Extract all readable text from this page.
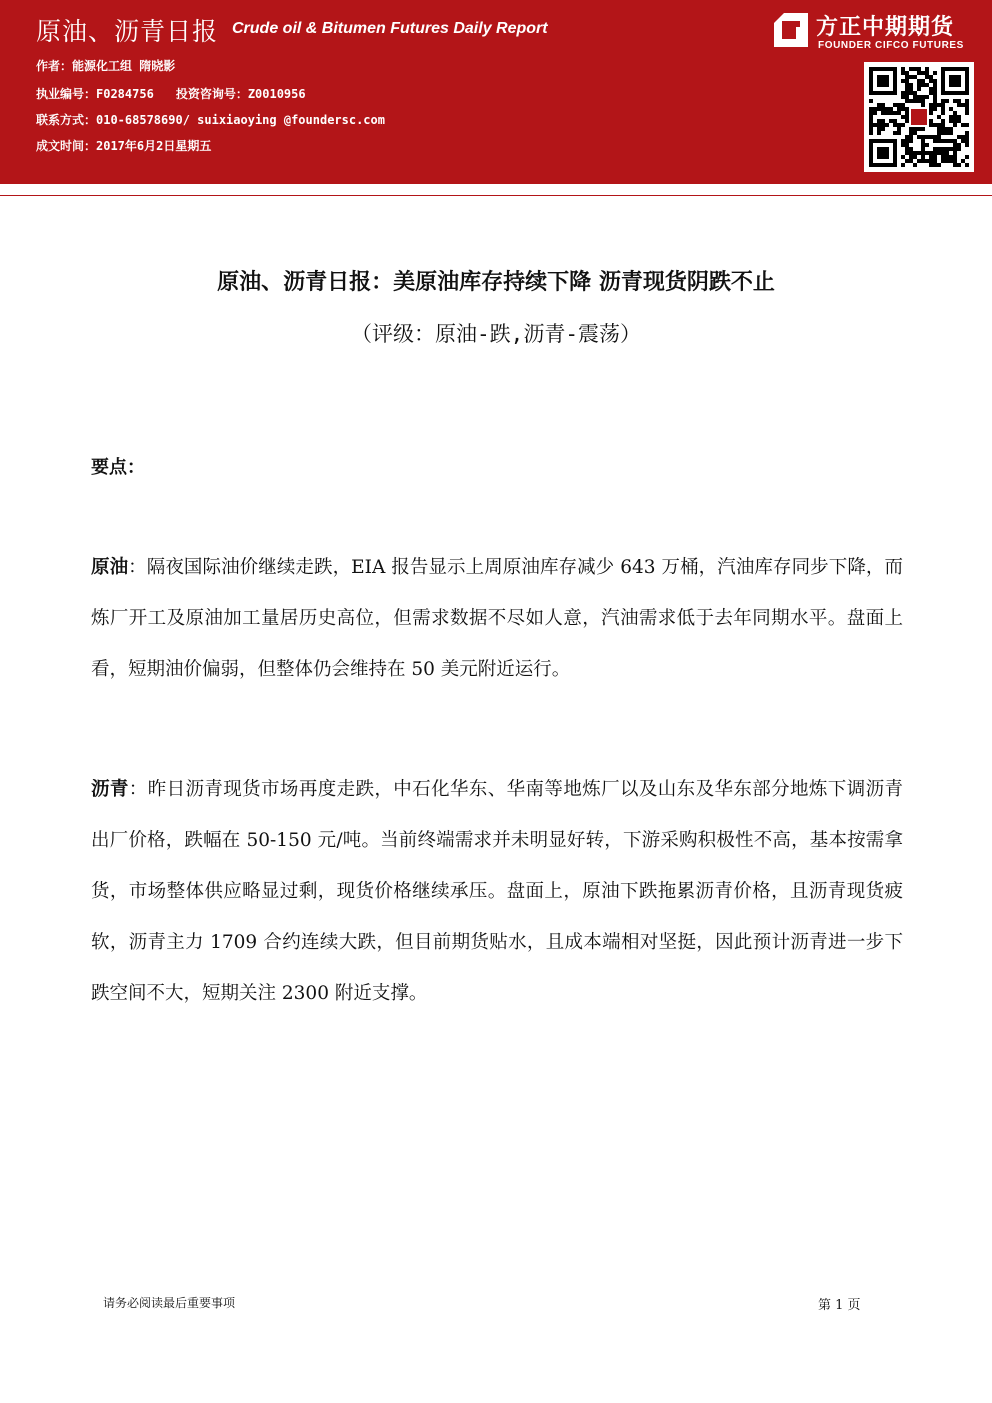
原油、沥青日报 Crude oil & Bitumen Futures Daily Report
作者：能源化工组 隋晓影
执业编号：F0284756 投资咨询号：Z0010956
联系方式：010-68578690/ suixiaoying @foundersc.com
成文时间：2017年6月2日星期五
方正中期期货
FOUNDER CIFCO FUTURES
原油、沥青日报：美原油库存持续下降 沥青现货阴跌不止
（评级：原油-跌,沥青-震荡）
要点：
原油：隔夜国际油价继续走跌，EIA 报告显示上周原油库存减少 643 万桶，汽油库存同步下降，而炼厂开工及原油加工量居历史高位，但需求数据不尽如人意，汽油需求低于去年同期水平。盘面上看，短期油价偏弱，但整体仍会维持在 50 美元附近运行。
沥青：昨日沥青现货市场再度走跌，中石化华东、华南等地炼厂以及山东及华东部分地炼下调沥青出厂价格，跌幅在 50-150 元/吨。当前终端需求并未明显好转，下游采购积极性不高，基本按需拿货，市场整体供应略显过剩，现货价格继续承压。盘面上，原油下跌拖累沥青价格，且沥青现货疲软，沥青主力 1709 合约连续大跌，但目前期货贴水，且成本端相对坚挺，因此预计沥青进一步下跌空间不大，短期关注 2300 附近支撑。
请务必阅读最后重要事项	第 1 页
